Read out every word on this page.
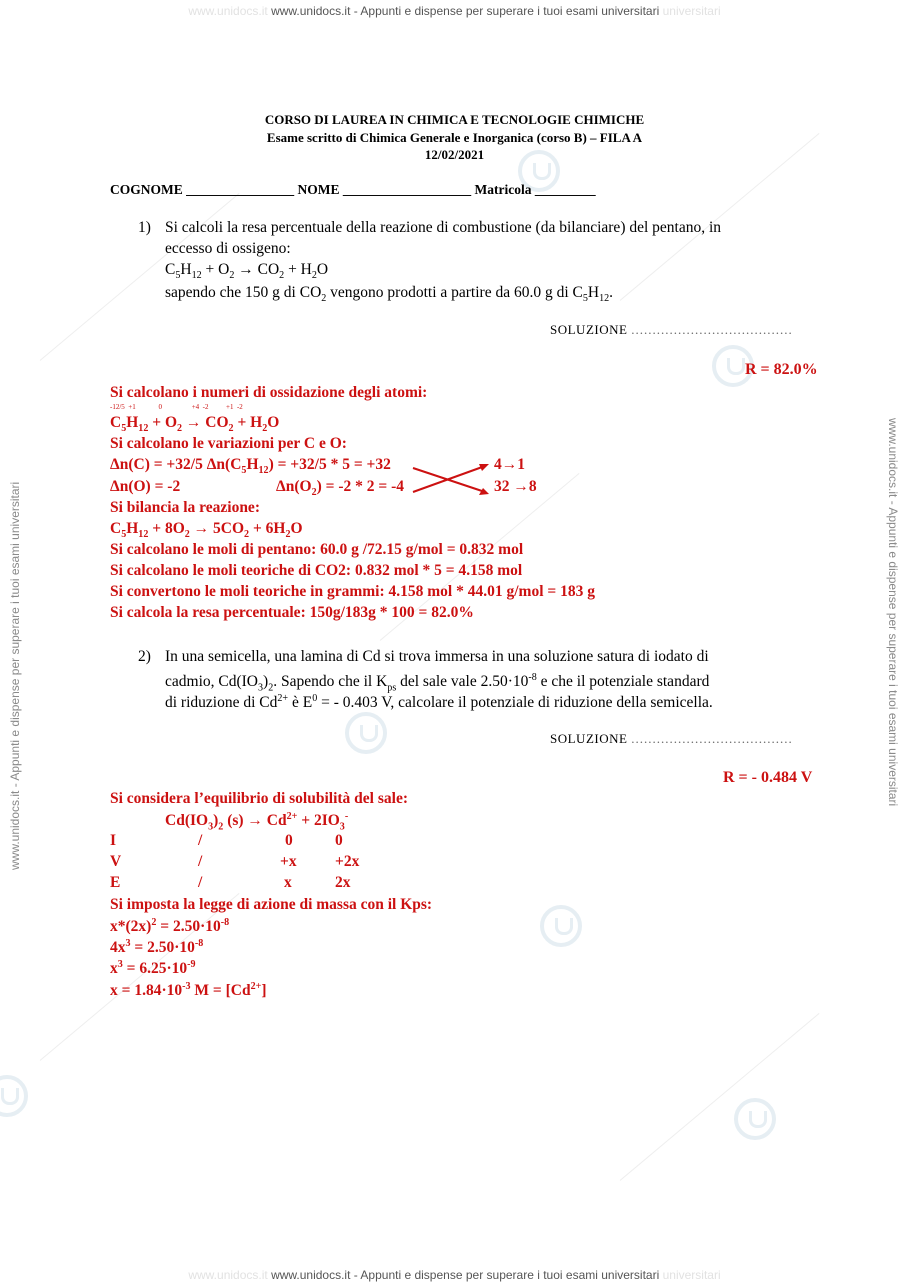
www.unidocs.it www.unidocs.it - Appunti e dispense per superare i tuoi esami universitari universitari
www.unidocs.it www.unidocs.it - Appunti e dispense per superare i tuoi esami universitari universitari
www.unidocs.it - Appunti e dispense per superare i tuoi esami universitari	www.unidocs.it - Appunti e dispense per superare i tuoi esami universitari
CORSO DI LAUREA IN CHIMICA E TECNOLOGIE CHIMICHE
Esame scritto di Chimica Generale e Inorganica (corso B) – FILA A
12/02/2021
COGNOME ________________ NOME ___________________ Matricola _________
1) Si calcoli la resa percentuale della reazione di combustione (da bilanciare) del pentano, in
eccesso di ossigeno:
$C_5H_{12} + O_2 \to CO_2 + H_2O$
sapendo che 150 g di $CO_2$ vengono prodotti a partire da 60.0 g di $C_5H_{12}$.
SOLUZIONE ......................................
R = 82.0%
Si calcolano i numeri di ossidazione degli atomi:
-12/5  +1             0                 +4  -2          +1  -2
$C_5H_{12} + O_2 \to CO_2 + H_2O$
Si calcolano le variazioni per C e O:
Δn(C) = +32/5 $\Delta n(C_5H_{12}) = +32/5 * 5 = +32$
Δn(O) = -2	$\Delta n(O_2) = -2 * 2 = -4$
4→1
32 →8
Si bilancia la reazione:
$C_5H_{12} + 8O_2 \to 5CO_2 + 6H_2O$
Si calcolano le moli di pentano: 60.0 g /72.15 g/mol = 0.832 mol
Si calcolano le moli teoriche di CO2: 0.832 mol * 5 = 4.158 mol
Si convertono le moli teoriche in grammi: 4.158 mol * 44.01 g/mol = 183 g
Si calcola la resa percentuale: 150g/183g * 100 = 82.0%
2) In una semicella, una lamina di Cd si trova immersa in una soluzione satura di iodato di
cadmio, $Cd(IO_3)_2$. Sapendo che il $K_{ps}$ del sale vale $2.50\cdot 10^{-8}$ e che il potenziale standard
di riduzione di $Cd^{2+}$ è $E^0$ = - 0.403 V, calcolare il potenziale di riduzione della semicella.
SOLUZIONE ......................................
R = - 0.484 V
Si considera l’equilibrio di solubilità del sale:
$Cd(IO_3)_2$ $(s) \to Cd^{2+} + 2IO_3^-$
I	/	0	0
V	/	+x +2x
E	/	x	2x
Si imposta la legge di azione di massa con il Kps:
$x*(2x)^2 = 2.50\cdot 10^{-8}$
$4x^3 = 2.50\cdot 10^{-8}$
$x^3 = 6.25\cdot 10^{-9}$
$x = 1.84\cdot 10^{-3}$ $M = [Cd^{2+}]$
